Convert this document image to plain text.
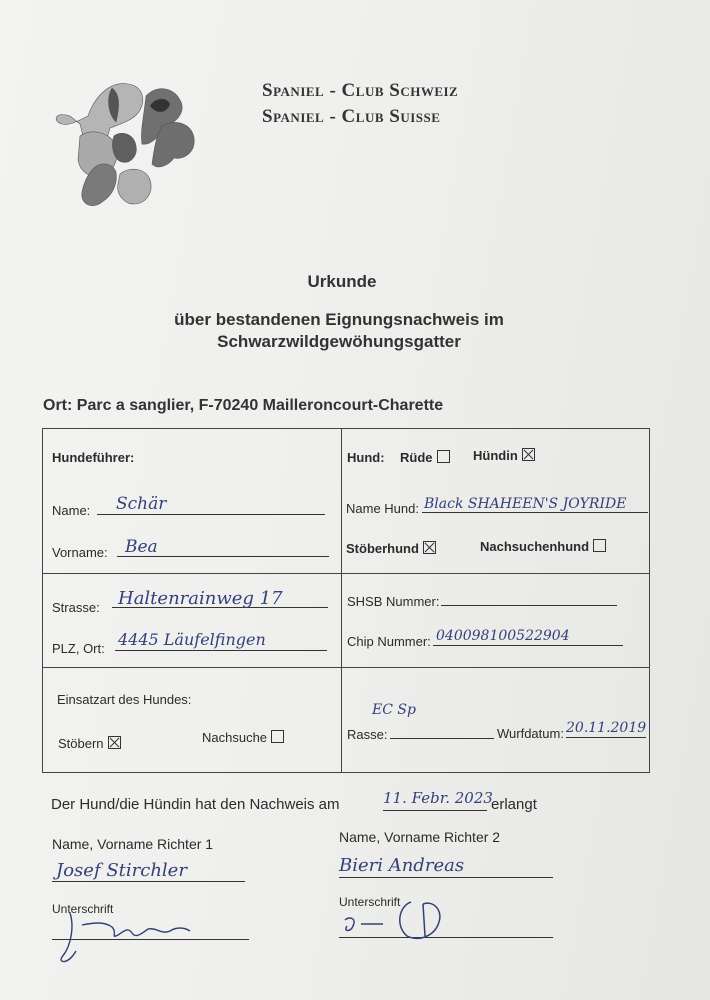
Spaniel - Club Schweiz
Spaniel - Club Suisse
Urkunde
über bestandenen Eignungsnachweis im
Schwarzwildgewöhungsgatter
Ort: Parc a sanglier, F-70240 Mailleroncourt-Charette
Hundeführer:
Name: Schär
Vorname: Bea
Strasse: Haltenrainweg 17
PLZ, Ort: 4445 Läufelfingen
Einsatzart des Hundes:
Stöbern	Nachsuche
Hund: Rüde	Hündin
Name Hund: Black SHAHEEN'S JOYRIDE
Stöberhund	Nachsuchenhund
SHSB Nummer:
Chip Nummer: 040098100522904
EC Sp
Rasse:	Wurfdatum: 20.11.2019
Der Hund/die Hündin hat den Nachweis am	11. Febr. 2023
erlangt
Name, Vorname Richter 1
Josef Stirchler
Unterschrift
Name, Vorname Richter 2
Bieri Andreas
Unterschrift
